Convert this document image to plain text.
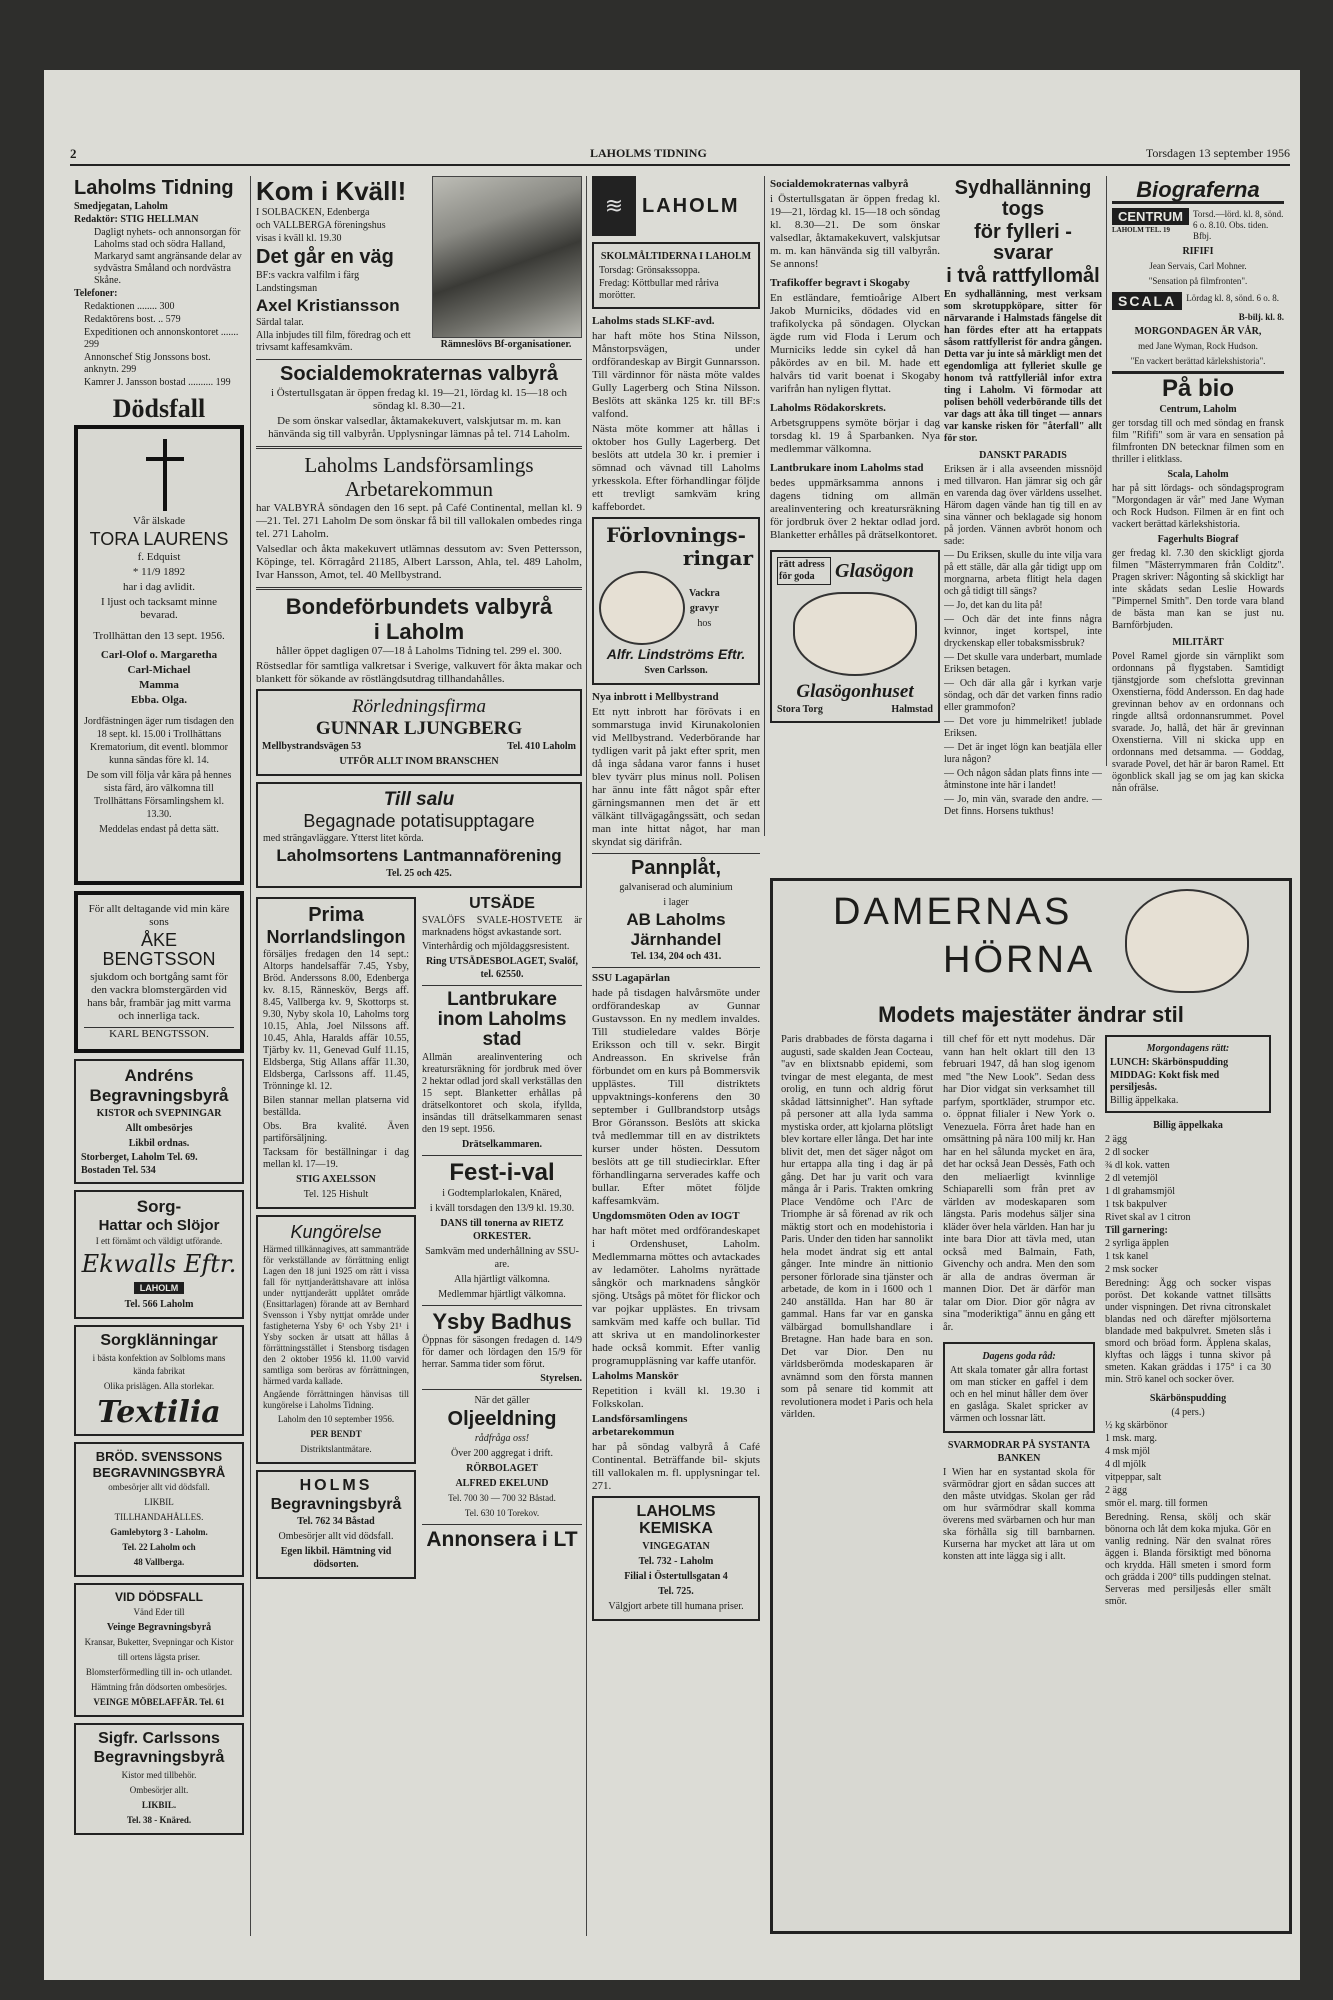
2	LAHOLMS TIDNING	Torsdagen 13 september 1956
Laholms Tidning
Smedjegatan, Laholm
Redaktör: STIG HELLMAN
Dagligt nyhets- och annonsorgan för Laholms stad och södra Halland, Markaryd samt angränsande delar av sydvästra Småland och nordvästra Skåne.
Telefoner:
Redaktionen ........ 300
Redaktörens bost. .. 579
Expeditionen och annonskontoret ....... 299
Annonschef Stig Jonssons bost. anknytn. 299
Kamrer J. Jansson bostad .......... 199
Dödsfall
Vår älskade
TORA LAURENS
f. Edquist
* 11/9 1892
har i dag avlidit.
I ljust och tacksamt minne bevarad.
Trollhättan den 13 sept. 1956.
Carl-Olof o. Margaretha
Carl-Michael
Mamma
Ebba. Olga.
Jordfästningen äger rum tisdagen den 18 sept. kl. 15.00 i Trollhättans Krematorium, dit eventl. blommor kunna sändas före kl. 14.
De som vill följa vår kära på hennes sista färd, äro välkomna till Trollhättans Församlingshem kl. 13.30.
Meddelas endast på detta sätt.
För allt deltagande vid min käre sons
ÅKE BENGTSSON
sjukdom och bortgång samt för den vackra blomstergärden vid hans bår, frambär jag mitt varma och innerliga tack.
KARL BENGTSSON.
Andréns
Begravningsbyrå
KISTOR och SVEPNINGAR
Allt ombesörjes
Likbil ordnas.
Storberget, Laholm Tel. 69.
Bostaden Tel. 534
Sorg-
Hattar och Slöjor
I ett förnämt och väldigt utförande.
Ekwalls Eftr.
LAHOLM
Tel. 566 Laholm
Sorgklänningar
i bästa konfektion av Solbloms mans kända fabrikat
Olika prislägen. Alla storlekar.
Textilia
BRÖD. SVENSSONS
BEGRAVNINGSBYRÅ
ombesörjer allt vid dödsfall.
LIKBIL
TILLHANDAHÅLLES.
Gamlebytorg 3 - Laholm.
Tel. 22 Laholm och
48 Vallberga.
VID DÖDSFALL
Vänd Eder till
Veinge Begravningsbyrå
Kransar, Buketter, Svepningar och Kistor
till ortens lägsta priser.
Blomsterförmedling till in- och utlandet.
Hämtning från dödsorten ombesörjes.
VEINGE MÖBELAFFÄR. Tel. 61
Sigfr. Carlssons
Begravningsbyrå
Kistor med tillbehör.
Ombesörjer allt.
LIKBIL.
Tel. 38 - Knäred.
Kom i Kväll!
I SOLBACKEN, Edenberga
och VALLBERGA föreningshus
visas i kväll kl. 19.30
Det går en väg
BF:s vackra valfilm i färg
Landstingsman
Axel Kristiansson
Särdal talar.
Alla inbjudes till film, föredrag och ett trivsamt kaffesamkväm.	Rämneslövs Bf-organisationer.
Socialdemokraternas valbyrå
i Östertullsgatan är öppen fredag kl. 19—21, lördag kl. 15—18 och söndag kl. 8.30—21.
De som önskar valsedlar, åktamakekuvert, valskjutsar m. m. kan hänvända sig till valbyrån. Upplysningar lämnas på tel. 714 Laholm.
Laholms Landsförsamlings
Arbetarekommun
har VALBYRÅ söndagen den 16 sept. på Café Continental, mellan kl. 9—21. Tel. 271 Laholm De som önskar få bil till vallokalen ombedes ringa tel. 271 Laholm.
Valsedlar och åkta makekuvert utlämnas dessutom av: Sven Pettersson, Köpinge, tel. Körragård 21185, Albert Larsson, Ahla, tel. 489 Laholm, Ivar Hansson, Amot, tel. 40 Mellbystrand.
Bondeförbundets valbyrå
i Laholm
håller öppet dagligen 07—18 å Laholms Tidning tel. 299 el. 300.
Röstsedlar för samtliga valkretsar i Sverige, valkuvert för åkta makar och blankett för sökande av röstlängdsutdrag tillhandahålles.
Rörledningsfirma
GUNNAR LJUNGBERG
Mellbystrandsvägen 53	Tel. 410 Laholm
UTFÖR ALLT INOM BRANSCHEN
Till salu
Begagnade potatisupptagare
med strängavläggare. Ytterst litet körda.
Laholmsortens Lantmannaförening
Tel. 25 och 425.
Prima
Norrlandslingon
försäljes fredagen den 14 sept.: Altorps handelsaffär 7.45, Ysby, Bröd. Anderssons 8.00, Edenberga kv. 8.15, Rännesköv, Bergs aff. 8.45, Vallberga kv. 9, Skottorps st. 9.30, Nyby skola 10, Laholms torg 10.15, Ahla, Joel Nilssons aff. 10.45, Ahla, Haralds affär 10.55, Tjärby kv. 11, Genevad Gulf 11.15, Eldsberga, Stig Allans affär 11.30, Eldsberga, Carlssons aff. 11.45, Trönninge kl. 12.
Bilen stannar mellan platserna vid beställda.
Obs. Bra kvalité. Även partiförsäljning.
Tacksam för beställningar i dag mellan kl. 17—19.
STIG AXELSSON
Tel. 125 Hishult
Kungörelse
Härmed tillkännagives, att sammanträde för verkställande av förrättning enligt Lagen den 18 juni 1925 om rätt i vissa fall för nyttjanderättshavare att inlösa under nyttjanderätt upplåtet område (Ensittarlagen) förande att av Bernhard Svensson i Ysby nyttjat område under fastigheterna Ysby 6¹ och Ysby 21¹ i Ysby socken är utsatt att hållas å förrättningsstället i Stensborg tisdagen den 2 oktober 1956 kl. 11.00 varvid samtliga som beröras av förrättningen, härmed varda kallade.
Angående förrättningen hänvisas till kungörelse i Laholms Tidning.
Laholm den 10 september 1956.
PER BENDT
Distriktslantmätare.
HOLMS
Begravningsbyrå
Tel. 762 34 Båstad
Ombesörjer allt vid dödsfall.
Egen likbil. Hämtning vid dödsorten.
UTSÄDE
SVALÖFS SVALE-HOSTVETE är marknadens högst avkastande sort.
Vinterhårdig och mjöldaggsresistent.
Ring UTSÄDESBOLAGET, Svalöf, tel. 62550.
Lantbrukare inom Laholms stad
Allmän arealinventering och kreatursräkning för jordbruk med över 2 hektar odlad jord skall verkställas den 15 sept. Blanketter erhållas på drätselkontoret och skola, ifyllda, insändas till drätselkammaren senast den 19 sept. 1956.
Drätselkammaren.
Fest-i-val
i Godtemplarlokalen, Knäred,
i kväll torsdagen den 13/9 kl. 19.30.
DANS till tonerna av RIETZ ORKESTER.
Samkväm med underhållning av SSU-are.
Alla hjärtligt välkomna.
Medlemmar hjärtligt välkomna.
Ysby Badhus
Öppnas för säsongen fredagen d. 14/9 för damer och lördagen den 15/9 för herrar. Samma tider som förut.
Styrelsen.
När det gäller
Oljeeldning
rådfråga oss!
Över 200 aggregat i drift.
RÖRBOLAGET
ALFRED EKELUND
Tel. 700 30 — 700 32 Båstad.
Tel. 630 10 Torekov.
Annonsera i LT
≋ LAHOLM
SKOLMÅLTIDERNA I LAHOLM
Torsdag: Grönsakssoppa.
Fredag: Köttbullar med råriva morötter.
Laholms stads SLKF-avd.
har haft möte hos Stina Nilsson, Månstorpsvägen, under ordförandeskap av Birgit Gunnarsson. Till värdinnor för nästa möte valdes Gully Lagerberg och Stina Nilsson. Beslöts att skänka 125 kr. till BF:s valfond.
Nästa möte kommer att hållas i oktober hos Gully Lagerberg. Det beslöts att utdela 30 kr. i premier i sömnad och vävnad till Laholms yrkesskola. Efter förhandlingar följde ett trevligt samkväm kring kaffebordet.
Förlovnings-
ringar
Vackra
gravyr
hos
Alfr. Lindströms Eftr.
Sven Carlsson.
Nya inbrott i Mellbystrand
Ett nytt inbrott har förövats i en sommarstuga invid Kirunakolonien vid Mellbystrand. Vederbörande har tydligen varit på jakt efter sprit, men då inga sådana varor fanns i huset blev tyvärr plus minus noll. Polisen har ännu inte fått något spår efter gärningsmannen men det är ett välkänt tillvägagångssätt, och sedan man inte hittat något, har man skyndat sig därifrån.
Pannplåt,
galvaniserad och aluminium
i lager
AB Laholms
Järnhandel
Tel. 134, 204 och 431.
SSU Lagapärlan
hade på tisdagen halvårsmöte under ordförandeskap av Gunnar Gustavsson. En ny medlem invaldes. Till studieledare valdes Börje Eriksson och till v. sekr. Birgit Andreasson. En skrivelse från förbundet om en kurs på Bommersvik upplästes. Till distriktets uppvaktnings-konferens den 30 september i Gullbrandstorp utsågs Bror Göransson. Beslöts att skicka två medlemmar till en av distriktets kurser under hösten. Dessutom beslöts att ge till studiecirklar. Efter förhandlingarna serverades kaffe och bullar. Efter mötet följde kaffesamkväm.
Ungdomsmöten Oden av IOGT
har haft mötet med ordförandeskapet i Ordenshuset, Laholm. Medlemmarna möttes och avtackades av ledamöter. Laholms nyrättade sångkör och marknadens sångkör sjöng. Utsågs på mötet för flickor och var pojkar upplästes. En trivsam samkväm med kaffe och bullar. Tid att skriva ut en mandolinorkester hade också kommit. Efter vanlig programuppläsning var kaffe utanför.
Laholms Manskör
Repetition i kväll kl. 19.30 i Folkskolan.
Landsförsamlingens arbetarekommun
har på söndag valbyrå å Café Continental. Beträffande bil- skjuts till vallokalen m. fl. upplysningar tel. 271.
LAHOLMS KEMISKA
VINGEGATAN
Tel. 732 - Laholm
Filial i Östertullsgatan 4
Tel. 725.
Välgjort arbete till humana priser.
Socialdemokraternas valbyrå
i Östertullsgatan är öppen fredag kl. 19—21, lördag kl. 15—18 och söndag kl. 8.30—21. De som önskar valsedlar, åktamakekuvert, valskjutsar m. m. kan hänvända sig till valbyrån. Se annons!
Trafikoffer begravt i Skogaby
En estländare, femtioårige Albert Jakob Murniciks, dödades vid en trafikolycka på söndagen. Olyckan ägde rum vid Floda i Lerum och Murniciks ledde sin cykel då han påkördes av en bil. M. hade ett halvårs tid varit boenat i Skogaby varifrån han nyligen flyttat.
Laholms Rödakorskrets.
Arbetsgruppens symöte börjar i dag torsdag kl. 19 å Sparbanken. Nya medlemmar välkomna.
Lantbrukare inom Laholms stad
bedes uppmärksamma annons i dagens tidning om allmän arealinventering och kreatursräkning för jordbruk över 2 hektar odlad jord. Blanketter erhålles på drätselkontoret.
rätt adress för goda	Glasögon
Glasögonhuset
Stora Torg	Halmstad
Sydhallänning togs
för fylleri - svarar
i två rattfyllomål
En sydhallänning, mest verksam som skrotuppköpare, sitter för närvarande i Halmstads fängelse dit han fördes efter att ha ertappats såsom rattfyllerist för andra gången. Detta var ju inte så märkligt men det egendomliga att fylleriet skulle ge honom två rattfylleriål infor extra ting i Laholm. Vi förmodar att polisen behöll vederbörande tills det var dags att åka till tinget — annars var kanske risken för "återfall" allt för stor.
DANSKT PARADIS
Eriksen är i alla avseenden missnöjd med tillvaron. Han jämrar sig och går en varenda dag över världens usselhet. Härom dagen vände han tig till en av sina vänner och beklagade sig honom på jorden. Vännen avbröt honom och sade:
— Du Eriksen, skulle du inte vilja vara på ett ställe, där alla går tidigt upp om morgnarna, arbeta flitigt hela dagen och gå tidigt till sängs?
— Jo, det kan du lita på!
— Och där det inte finns några kvinnor, inget kortspel, inte dryckenskap eller tobaksmissbruk?
— Det skulle vara underbart, mumlade Eriksen betagen.
— Och där alla går i kyrkan varje söndag, och där det varken finns radio eller grammofon?
— Det vore ju himmelriket! jublade Eriksen.
— Det är inget lögn kan beatjäla eller lura någon?
— Och någon sådan plats finns inte — åtminstone inte här i landet!
— Jo, min vän, svarade den andre. — Det finns. Horsens tukthus!
Biograferna
CENTRUM
LAHOLM TEL. 19
Torsd.—lörd. kl. 8, sönd. 6 o. 8.10. Obs. tiden. Bfbj.
RIFIFI
Jean Servais, Carl Mohner.
"Sensation på filmfronten".
SCALA	Lördag kl. 8, sönd. 6 o. 8.
B-bilj. kl. 8.
MORGONDAGEN ÄR VÅR,
med Jane Wyman, Rock Hudson.
"En vackert berättad kärlekshistoria".
På bio
Centrum, Laholm
ger torsdag till och med söndag en fransk film "Rififi" som är vara en sensation på filmfronten DN betecknar filmen som en thriller i elitklass.
Scala, Laholm
har på sitt lördags- och söndagsprogram "Morgondagen är vår" med Jane Wyman och Rock Hudson. Filmen är en fint och vackert berättad kärlekshistoria.
Fagerhults Biograf
ger fredag kl. 7.30 den skickligt gjorda filmen "Mästerrymmaren från Colditz". Pragen skriver: Någonting så skickligt har inte skådats sedan Leslie Howards "Pimpernel Smith". Den torde vara bland de bästa man kan se just nu. Barnförbjuden.
MILITÄRT
Povel Ramel gjorde sin värnplikt som ordonnans på flygstaben. Samtidigt tjänstgjorde som chefslotta grevinnan Oxenstierna, född Andersson. En dag hade grevinnan behov av en ordonnans och ringde alltså ordonnansrummet. Povel svarade. Jo, hallå, det här är grevinnan Oxenstierna. Vill ni skicka upp en ordonnans med detsamma. — Goddag, svarade Povel, det här är baron Ramel. Ett ögonblick skall jag se om jag kan skicka nån ofrälse.
DAMERNAS
HÖRNA
Modets majestäter ändrar stil
Paris drabbades de första dagarna i augusti, sade skalden Jean Cocteau, "av en blixtsnabb epidemi, som tvingar de mest eleganta, de mest orolig, en tunn och aldrig förut skådad lättsinnighet". Han syftade på personer att alla lyda samma mystiska order, att kjolarna plötsligt blev kortare eller långa. Det har inte blivit det, men det säger något om hur ertappa alla ting i dag är på gång. Det har ju varit och vara många år i Paris. Trakten omkring Place Vendôme och l'Arc de Triomphe är så förenad av rik och mäktig stort och en modehistoria i Paris. Under den tiden har sannolikt hela modet ändrat sig ett antal gånger. Inte mindre än nittionio personer förlorade sina tjänster och arbetade, de kom in i 1600 och 1 240 anställda. Han har 80 är gammal. Hans far var en ganska välbärgad bomullshandlare i Bretagne. Han hade bara en son. Det var Dior. Den nu världsberömda modeskaparen är avnämnd som den första mannen som på senare tid kommit att revolutionera modet i Paris och hela världen.
till chef för ett nytt modehus. Där vann han helt oklart till den 13 februari 1947, då han slog igenom med "the New Look". Sedan dess har Dior vidgat sin verksamhet till parfym, sportkläder, strumpor etc. o. öppnat filialer i New York o. Venezuela. Förra året hade han en omsättning på nära 100 milj kr. Han har en hel sålunda mycket en ära, det har också Jean Dessès, Fath och den meliaerligt kvinnlige Schiaparelli som från pret av världen av modeskaparen som längsta. Paris modehus säljer sina kläder över hela världen. Han har ju inte bara Dior att tävla med, utan också med Balmain, Fath, Givenchy och andra. Men den som är alla de andras överman är mannen Dior. Det är därför man talar om Dior. Dior gör några av sina "moderiktiga" ännu en gång ett år.
Dagens goda råd:
Att skala tomater går allra fortast om man sticker en gaffel i dem och en hel minut håller dem över en gaslåga. Skalet spricker av värmen och lossnar lätt.
SVARMODRAR PÅ SYSTANTA BANKEN
I Wien har en systantad skola för svärmödrar gjort en sådan succes att den måste utvidgas. Skolan ger råd om hur svärmödrar skall komma överens med svärbarnen och hur man ska förhålla sig till barnbarnen. Kurserna har mycket att lära ut om konsten att inte lägga sig i allt.
Morgondagens rätt:
LUNCH: Skärbönspudding
MIDDAG: Kokt fisk med persiljesås.
Billig äppelkaka.
Billig äppelkaka
2 ägg
2 dl socker
¾ dl kok. vatten
2 dl vetemjöl
1 dl grahamsmjöl
1 tsk bakpulver
Rivet skal av 1 citron
Till garnering:
2 syrliga äpplen
1 tsk kanel
2 msk socker
Beredning: Ägg och socker vispas poröst. Det kokande vattnet tillsätts under vispningen. Det rivna citronskalet blandas ned och därefter mjölsorterna blandade med bakpulvret. Smeten slås i smord och bröad form. Äpplena skalas, klyftas och läggs i tunna skivor på smeten. Kakan gräddas i 175° i ca 30 min. Strö kanel och socker över.
Skärbönspudding
(4 pers.)
½ kg skärbönor
1 msk. marg.
4 msk mjöl
4 dl mjölk
vitpeppar, salt
2 ägg
smör el. marg. till formen
Beredning. Rensa, skölj och skär bönorna och låt dem koka mjuka. Gör en vanlig redning. När den svalnat röres äggen i. Blanda försiktigt med bönorna och krydda. Häll smeten i smord form och grädda i 200° tills puddingen stelnat. Serveras med persiljesås eller smält smör.
